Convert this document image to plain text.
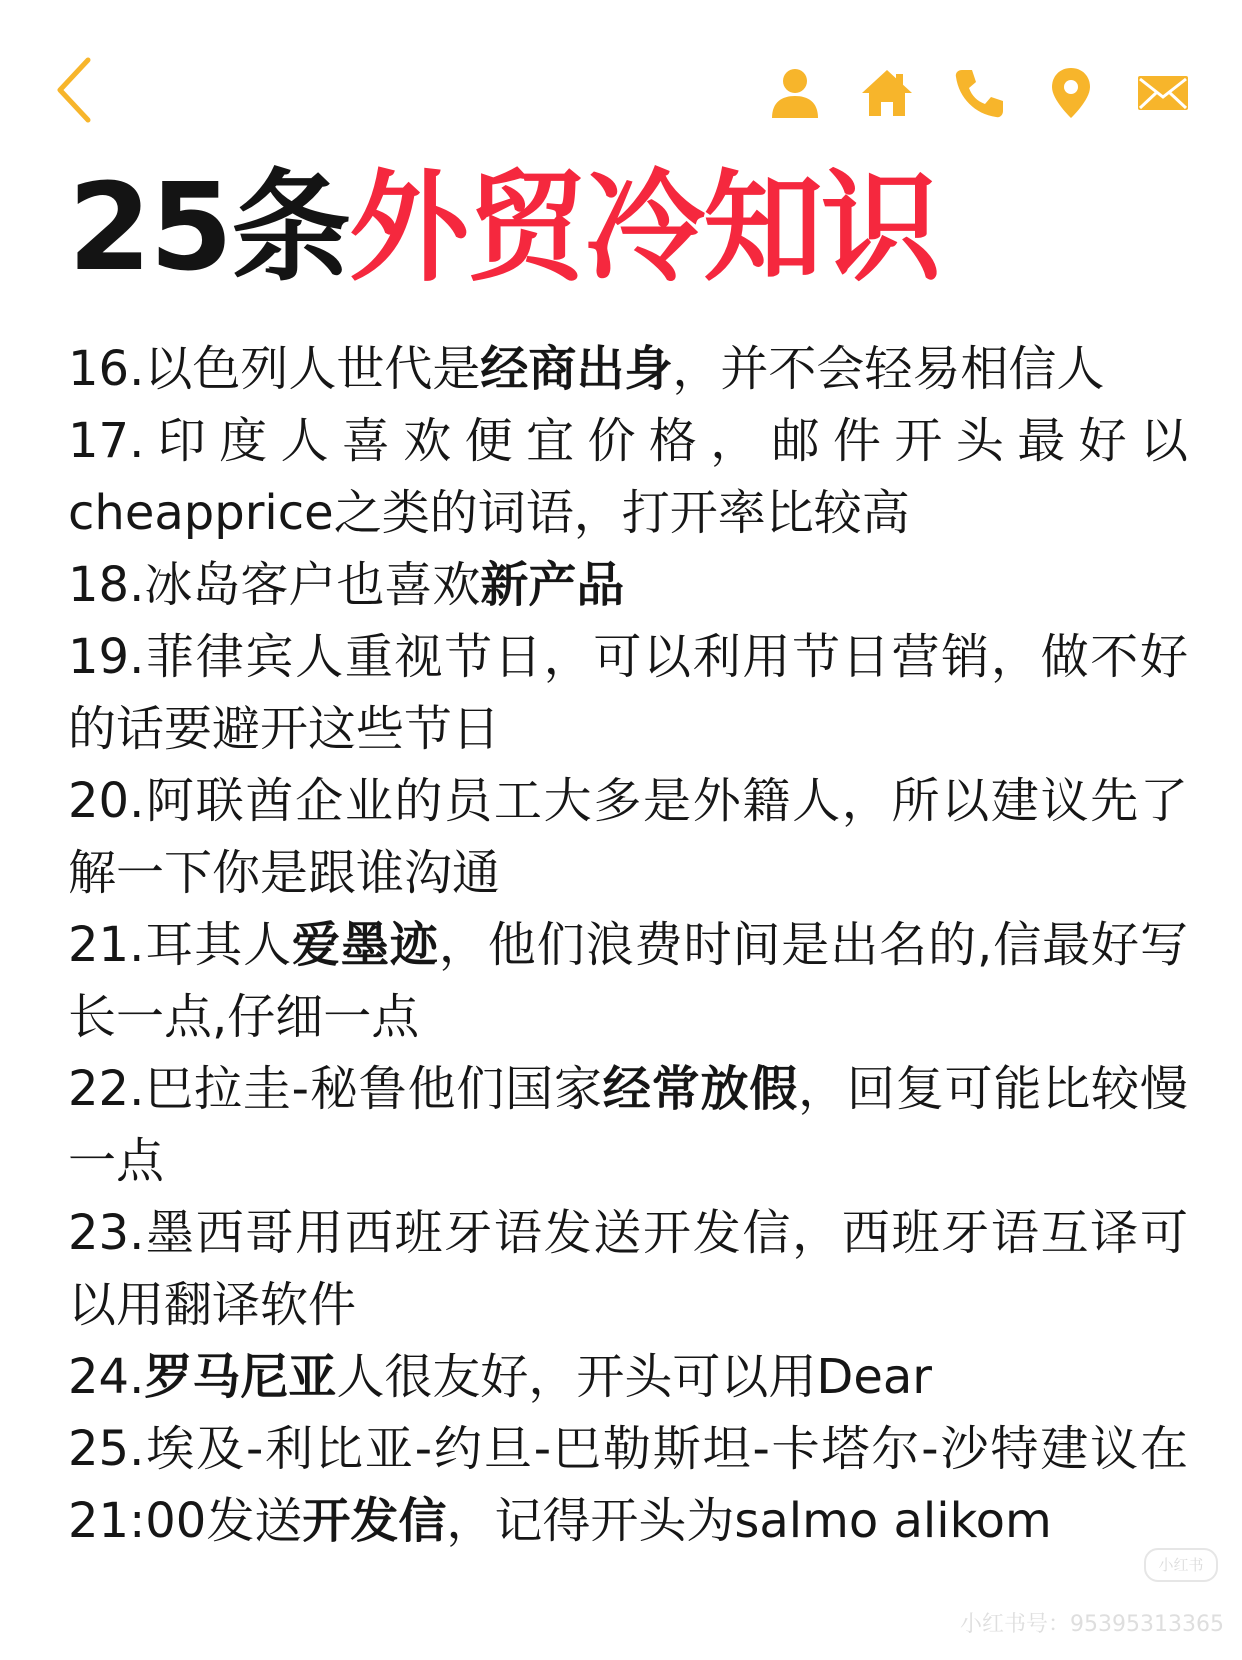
25条外贸冷知识

16.以色列人世代是经商出身，并不会轻易相信人

17.印度人喜欢便宜价格，邮件开头最好以cheapprice之类的词语，打开率比较高

18.冰岛客户也喜欢新产品

19.菲律宾人重视节日，可以利用节日营销，做不好的话要避开这些节日

20.阿联酋企业的员工大多是外籍人，所以建议先了解一下你是跟谁沟通

21.耳其人爱墨迹，他们浪费时间是出名的,信最好写长一点,仔细一点

22.巴拉圭-秘鲁他们国家经常放假，回复可能比较慢一点

23.墨西哥用西班牙语发送开发信，西班牙语互译可以用翻译软件

24.罗马尼亚人很友好，开头可以用Dear

25.埃及-利比亚-约旦-巴勒斯坦-卡塔尔-沙特建议在21:00发送开发信，记得开头为salmo alikom

小红书
小红书号：95395313365
